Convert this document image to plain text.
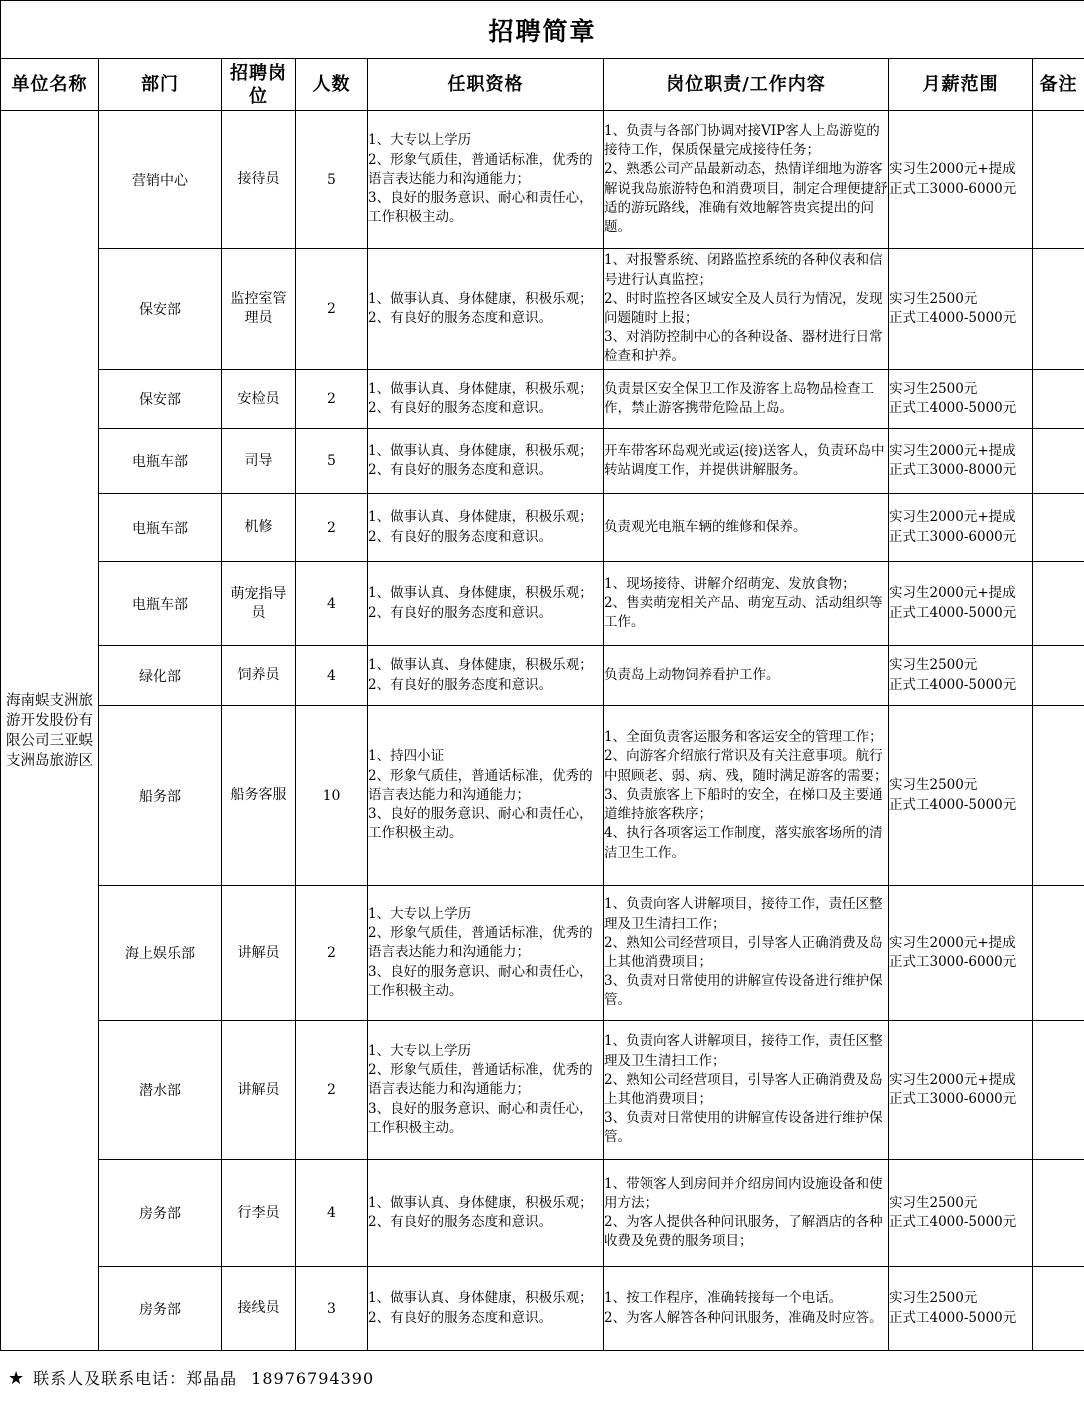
招聘简章							
单位名称	部门	招聘岗位	人数	任职资格	岗位职责/工作内容	月薪范围	备注
海南蜈支洲旅游开发股份有限公司三亚蜈支洲岛旅游区	营销中心	接待员	5	1、大专以上学历
2、形象气质佳，普通话标准，优秀的语言表达能力和沟通能力；
3、良好的服务意识、耐心和责任心，工作积极主动。	1、负责与各部门协调对接VIP客人上岛游览的接待工作，保质保量完成接待任务；
2、熟悉公司产品最新动态，热情详细地为游客解说我岛旅游特色和消费项目，制定合理便捷舒适的游玩路线，准确有效地解答贵宾提出的问题。	实习生2000元+提成
正式工3000-6000元	
	保安部	监控室管理员	2	1、做事认真、身体健康，积极乐观；
2、有良好的服务态度和意识。	1、对报警系统、闭路监控系统的各种仪表和信号进行认真监控；
2、时时监控各区域安全及人员行为情况，发现问题随时上报；
3、对消防控制中心的各种设备、器材进行日常检查和护养。	实习生2500元
正式工4000-5000元	
	保安部	安检员	2	1、做事认真、身体健康，积极乐观；
2、有良好的服务态度和意识。	负责景区安全保卫工作及游客上岛物品检查工作，禁止游客携带危险品上岛。	实习生2500元
正式工4000-5000元	
	电瓶车部	司导	5	1、做事认真、身体健康，积极乐观；
2、有良好的服务态度和意识。	开车带客环岛观光或运(接)送客人，负责环岛中转站调度工作，并提供讲解服务。	实习生2000元+提成
正式工3000-8000元	
	电瓶车部	机修	2	1、做事认真、身体健康，积极乐观；
2、有良好的服务态度和意识。	负责观光电瓶车辆的维修和保养。	实习生2000元+提成
正式工3000-6000元	
	电瓶车部	萌宠指导员	4	1、做事认真、身体健康，积极乐观；
2、有良好的服务态度和意识。	1、现场接待、讲解介绍萌宠、发放食物；
2、售卖萌宠相关产品、萌宠互动、活动组织等工作。	实习生2000元+提成
正式工4000-5000元	
	绿化部	饲养员	4	1、做事认真、身体健康，积极乐观；
2、有良好的服务态度和意识。	负责岛上动物饲养看护工作。	实习生2500元
正式工4000-5000元	
	船务部	船务客服	10	1、持四小证
2、形象气质佳，普通话标准，优秀的语言表达能力和沟通能力；
3、良好的服务意识、耐心和责任心，工作积极主动。	1、全面负责客运服务和客运安全的管理工作；
2、向游客介绍旅行常识及有关注意事项。航行中照顾老、弱、病、残，随时满足游客的需要；
3、负责旅客上下船时的安全，在梯口及主要通道维持旅客秩序；
4、执行各项客运工作制度，落实旅客场所的清洁卫生工作。	实习生2500元
正式工4000-5000元	
	海上娱乐部	讲解员	2	1、大专以上学历
2、形象气质佳，普通话标准，优秀的语言表达能力和沟通能力；
3、良好的服务意识、耐心和责任心，工作积极主动。	1、负责向客人讲解项目，接待工作，责任区整理及卫生清扫工作；
2、熟知公司经营项目，引导客人正确消费及岛上其他消费项目；
3、负责对日常使用的讲解宣传设备进行维护保管。	实习生2000元+提成
正式工3000-6000元	
	潜水部	讲解员	2	1、大专以上学历
2、形象气质佳，普通话标准，优秀的语言表达能力和沟通能力；
3、良好的服务意识、耐心和责任心，工作积极主动。	1、负责向客人讲解项目，接待工作，责任区整理及卫生清扫工作；
2、熟知公司经营项目，引导客人正确消费及岛上其他消费项目；
3、负责对日常使用的讲解宣传设备进行维护保管。	实习生2000元+提成
正式工3000-6000元	
	房务部	行李员	4	1、做事认真、身体健康，积极乐观；
2、有良好的服务态度和意识。	1、带领客人到房间并介绍房间内设施设备和使用方法；
2、为客人提供各种问讯服务，了解酒店的各种收费及免费的服务项目；	实习生2500元
正式工4000-5000元	
	房务部	接线员	3	1、做事认真、身体健康，积极乐观；
2、有良好的服务态度和意识。	1、按工作程序，准确转接每一个电话。
2、为客人解答各种问讯服务，准确及时应答。	实习生2500元
正式工4000-5000元	
★ 联系人及联系电话：郑晶晶 18976794390
